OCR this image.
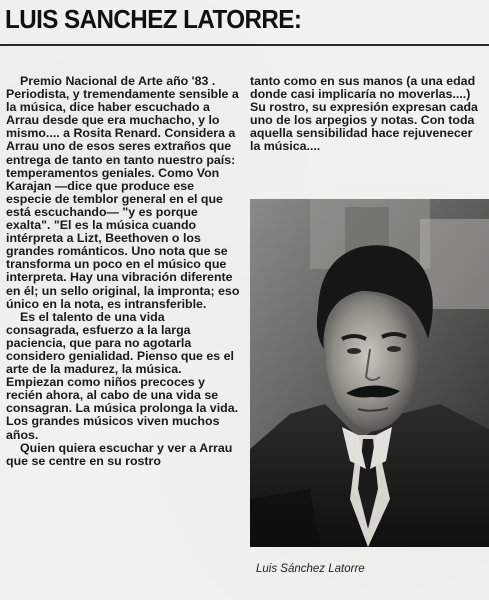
LUIS SANCHEZ LATORRE:

Premio Nacional de Arte año '83 . Periodista, y tremendamente sensible a la música, dice haber escuchado a Arrau desde que era muchacho, y lo mismo.... a Rosita Renard. Considera a Arrau uno de esos seres extraños que entrega de tanto en tanto nuestro país: temperamentos geniales. Como Von Karajan —dice que produce ese especie de temblor general en el que está escuchando— "y es porque exalta". "El es la música cuando intérpreta a Lizt, Beethoven o los grandes románticos. Uno nota que se transforma un poco en el músico que interpreta. Hay una vibración diferente en él; un sello original, la impronta; eso único en la nota, es intransferible.

Es el talento de una vida consagrada, esfuerzo a la larga paciencia, que para no agotarla considero genialidad. Pienso que es el arte de la madurez, la música. Empiezan como niños precoces y recién ahora, al cabo de una vida se consagran. La música prolonga la vida. Los grandes músicos viven muchos años.

Quien quiera escuchar y ver a Arrau que se centre en su rostro

tanto como en sus manos (a una edad donde casi implicaría no moverlas....) Su rostro, su expresión expresan cada uno de los arpegios y notas. Con toda aquella sensibilidad hace rejuvenecer la música....

Luis Sánchez Latorre
